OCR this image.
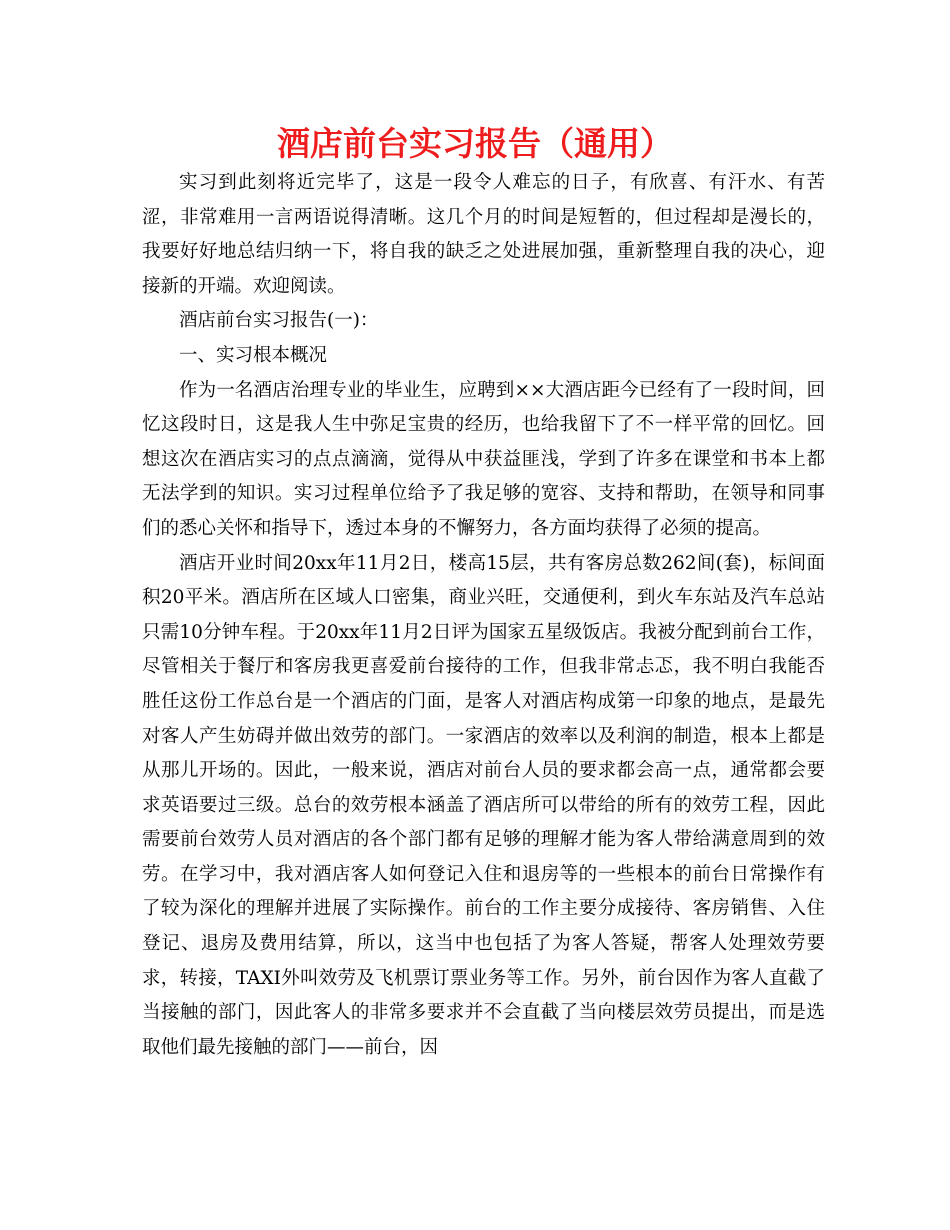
酒店前台实习报告（通用）

实习到此刻将近完毕了，这是一段令人难忘的日子，有欣喜、有汗水、有苦涩，非常难用一言两语说得清晰。这几个月的时间是短暂的，但过程却是漫长的，我要好好地总结归纳一下，将自我的缺乏之处进展加强，重新整理自我的决心，迎接新的开端。欢迎阅读。

酒店前台实习报告(一)：

一、实习根本概况

作为一名酒店治理专业的毕业生，应聘到××大酒店距今已经有了一段时间，回忆这段时日，这是我人生中弥足宝贵的经历，也给我留下了不一样平常的回忆。回想这次在酒店实习的点点滴滴，觉得从中获益匪浅，学到了许多在课堂和书本上都无法学到的知识。实习过程单位给予了我足够的宽容、支持和帮助，在领导和同事们的悉心关怀和指导下，透过本身的不懈努力，各方面均获得了必须的提高。

酒店开业时间20xx年11月2日，楼高15层，共有客房总数262间(套)，标间面积20平米。酒店所在区域人口密集，商业兴旺，交通便利，到火车东站及汽车总站只需10分钟车程。于20xx年11月2日评为国家五星级饭店。我被分配到前台工作，尽管相关于餐厅和客房我更喜爱前台接待的工作，但我非常忐忑，我不明白我能否胜任这份工作总台是一个酒店的门面，是客人对酒店构成第一印象的地点，是最先对客人产生妨碍并做出效劳的部门。一家酒店的效率以及利润的制造，根本上都是从那儿开场的。因此，一般来说，酒店对前台人员的要求都会高一点，通常都会要求英语要过三级。总台的效劳根本涵盖了酒店所可以带给的所有的效劳工程，因此需要前台效劳人员对酒店的各个部门都有足够的理解才能为客人带给满意周到的效劳。在学习中，我对酒店客人如何登记入住和退房等的一些根本的前台日常操作有了较为深化的理解并进展了实际操作。前台的工作主要分成接待、客房销售、入住登记、退房及费用结算，所以，这当中也包括了为客人答疑，帮客人处理效劳要求，转接，TAXI外叫效劳及飞机票订票业务等工作。另外，前台因作为客人直截了当接触的部门，因此客人的非常多要求并不会直截了当向楼层效劳员提出，而是选取他们最先接触的部门——前台，因
